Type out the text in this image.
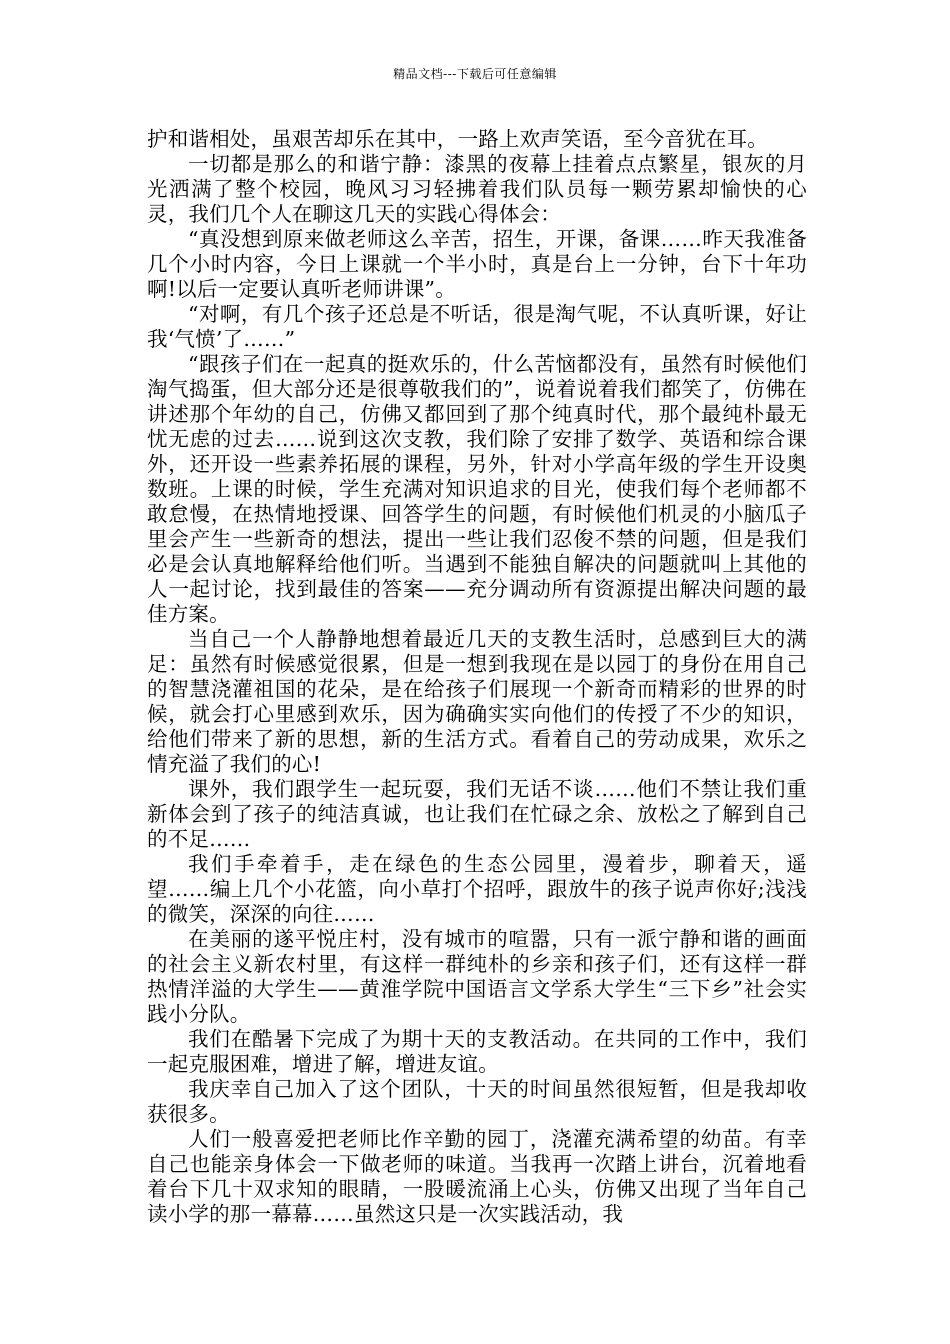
精品文档---下载后可任意编辑

护和谐相处，虽艰苦却乐在其中，一路上欢声笑语，至今音犹在耳。

一切都是那么的和谐宁静：漆黑的夜幕上挂着点点繁星，银灰的月光洒满了整个校园，晚风习习轻拂着我们队员每一颗劳累却愉快的心灵，我们几个人在聊这几天的实践心得体会：

“真没想到原来做老师这么辛苦，招生，开课，备课……昨天我准备几个小时内容，今日上课就一个半小时，真是台上一分钟，台下十年功啊!以后一定要认真听老师讲课”。

“对啊，有几个孩子还总是不听话，很是淘气呢，不认真听课，好让我‘气愤’了……”

“跟孩子们在一起真的挺欢乐的，什么苦恼都没有，虽然有时候他们淘气捣蛋，但大部分还是很尊敬我们的”，说着说着我们都笑了，仿佛在讲述那个年幼的自己，仿佛又都回到了那个纯真时代，那个最纯朴最无忧无虑的过去……说到这次支教，我们除了安排了数学、英语和综合课外，还开设一些素养拓展的课程，另外，针对小学高年级的学生开设奥数班。上课的时候，学生充满对知识追求的目光，使我们每个老师都不敢怠慢，在热情地授课、回答学生的问题，有时候他们机灵的小脑瓜子里会产生一些新奇的想法，提出一些让我们忍俊不禁的问题，但是我们必是会认真地解释给他们听。当遇到不能独自解决的问题就叫上其他的人一起讨论，找到最佳的答案——充分调动所有资源提出解决问题的最佳方案。

当自己一个人静静地想着最近几天的支教生活时，总感到巨大的满足：虽然有时候感觉很累，但是一想到我现在是以园丁的身份在用自己的智慧浇灌祖国的花朵，是在给孩子们展现一个新奇而精彩的世界的时候，就会打心里感到欢乐，因为确确实实向他们的传授了不少的知识，给他们带来了新的思想，新的生活方式。看着自己的劳动成果，欢乐之情充溢了我们的心!

课外，我们跟学生一起玩耍，我们无话不谈……他们不禁让我们重新体会到了孩子的纯洁真诚，也让我们在忙碌之余、放松之了解到自己的不足……

我们手牵着手，走在绿色的生态公园里，漫着步，聊着天，遥望……编上几个小花篮，向小草打个招呼，跟放牛的孩子说声你好;浅浅的微笑，深深的向往……

在美丽的遂平悦庄村，没有城市的喧嚣，只有一派宁静和谐的画面的社会主义新农村里，有这样一群纯朴的乡亲和孩子们，还有这样一群热情洋溢的大学生——黄淮学院中国语言文学系大学生“三下乡”社会实践小分队。

我们在酷暑下完成了为期十天的支教活动。在共同的工作中，我们一起克服困难，增进了解，增进友谊。

我庆幸自己加入了这个团队，十天的时间虽然很短暂，但是我却收获很多。

人们一般喜爱把老师比作辛勤的园丁，浇灌充满希望的幼苗。有幸自己也能亲身体会一下做老师的味道。当我再一次踏上讲台，沉着地看着台下几十双求知的眼睛，一股暖流涌上心头，仿佛又出现了当年自己读小学的那一幕幕……虽然这只是一次实践活动，我
